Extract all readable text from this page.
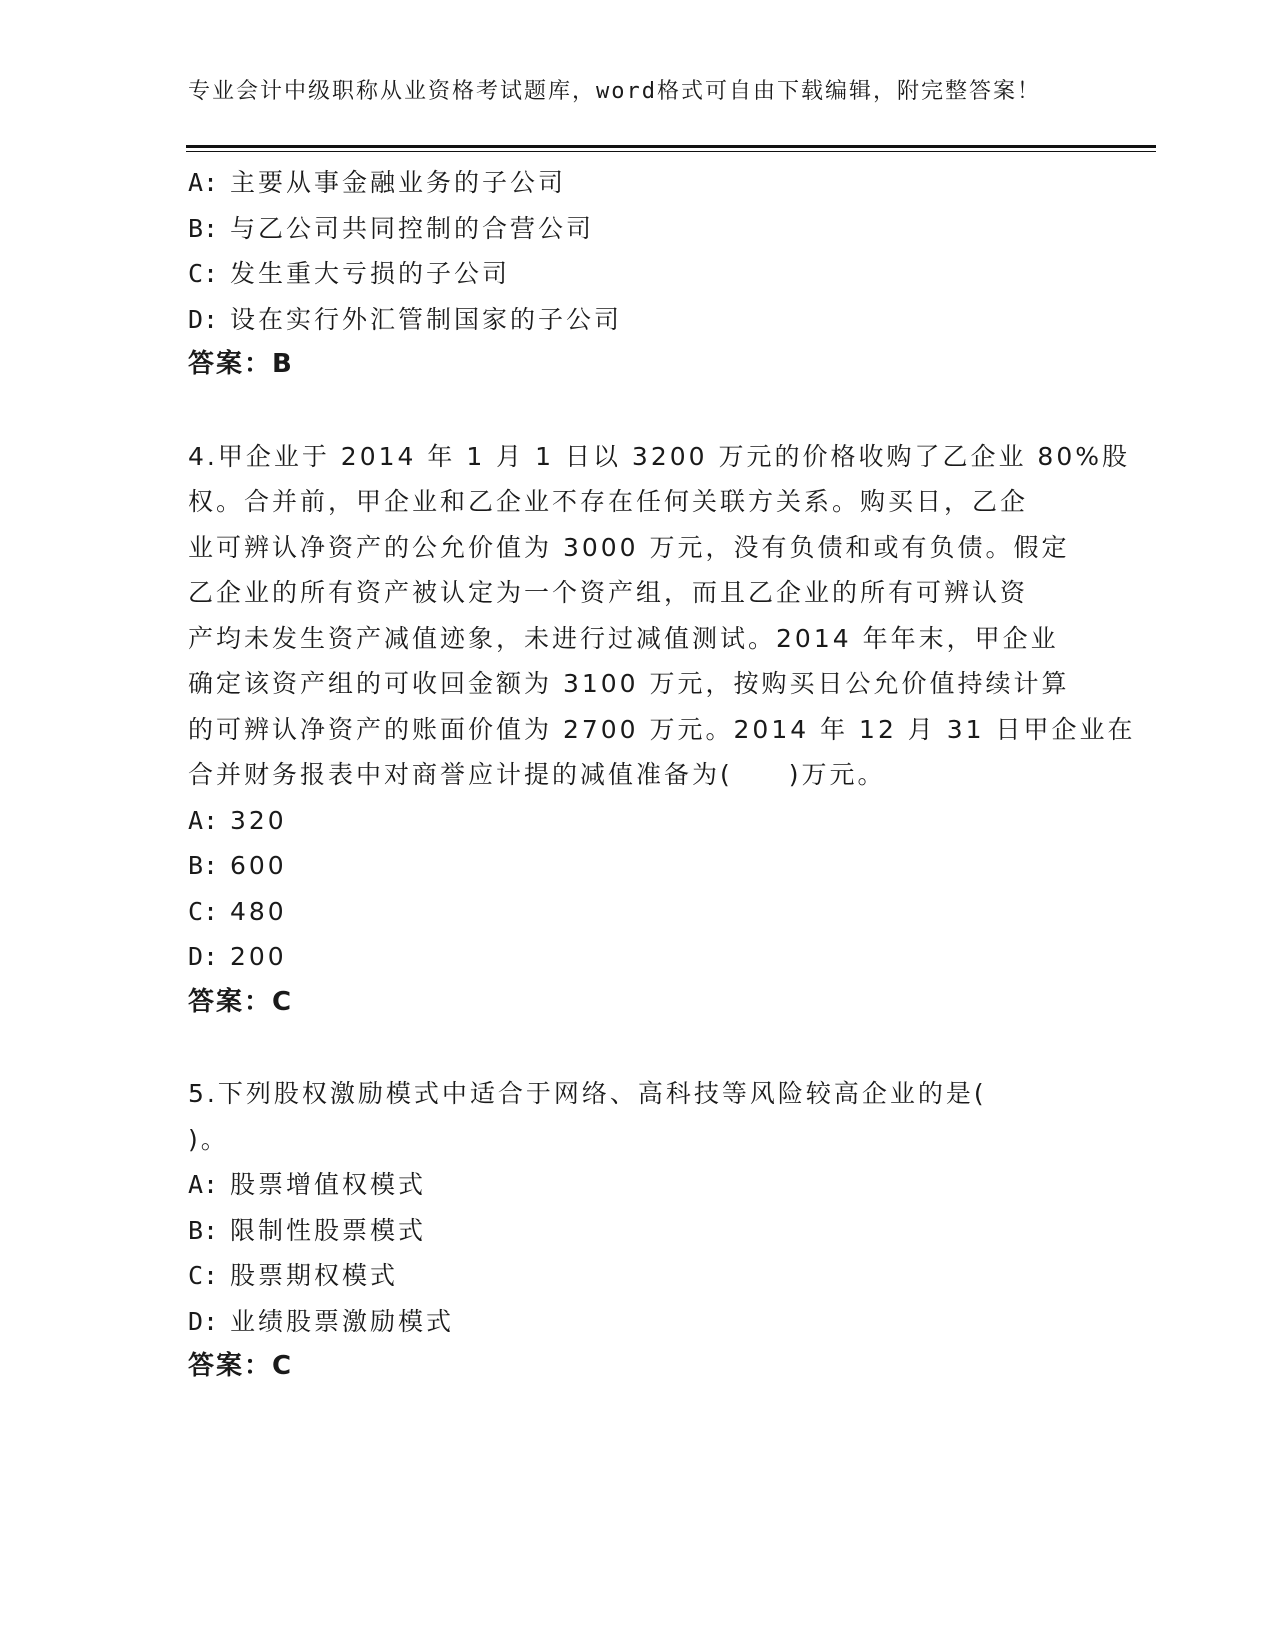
专业会计中级职称从业资格考试题库，word格式可自由下载编辑，附完整答案！
A: 主要从事金融业务的子公司
B: 与乙公司共同控制的合营公司
C: 发生重大亏损的子公司
D: 设在实行外汇管制国家的子公司
答案：B
4.甲企业于 2014 年 1 月 1 日以 3200 万元的价格收购了乙企业 80%股
权。合并前，甲企业和乙企业不存在任何关联方关系。购买日，乙企
业可辨认净资产的公允价值为 3000 万元，没有负债和或有负债。假定
乙企业的所有资产被认定为一个资产组，而且乙企业的所有可辨认资
产均未发生资产减值迹象，未进行过减值测试。2014 年年末，甲企业
确定该资产组的可收回金额为 3100 万元，按购买日公允价值持续计算
的可辨认净资产的账面价值为 2700 万元。2014 年 12 月 31 日甲企业在
合并财务报表中对商誉应计提的减值准备为(　　)万元。
A: 320
B: 600
C: 480
D: 200
答案：C
5.下列股权激励模式中适合于网络、高科技等风险较高企业的是(
)。
A: 股票增值权模式
B: 限制性股票模式
C: 股票期权模式
D: 业绩股票激励模式
答案：C
